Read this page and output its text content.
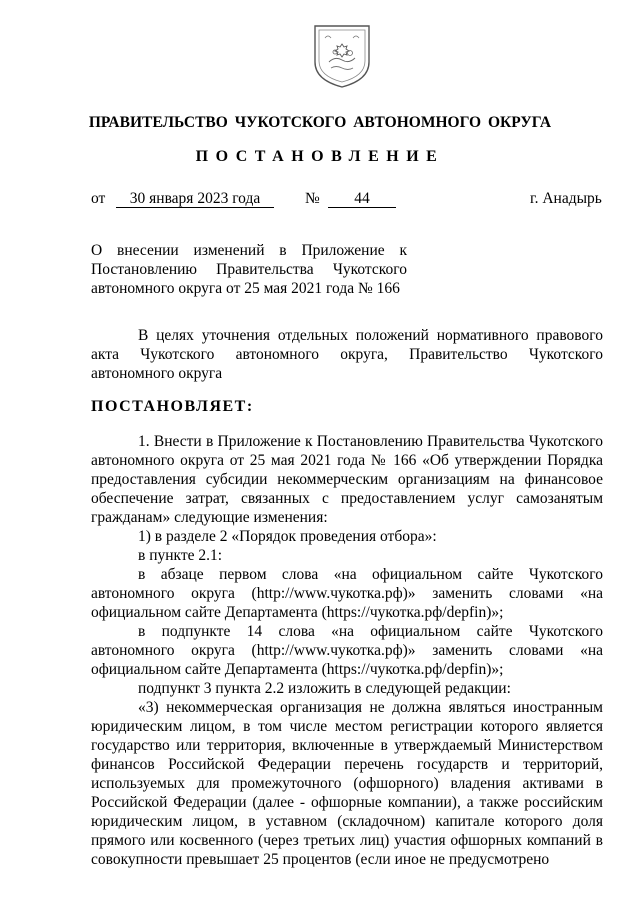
ПРАВИТЕЛЬСТВО ЧУКОТСКОГО АВТОНОМНОГО ОКРУГА
ПОСТАНОВЛЕНИЕ
от	30 января 2023 года	№	44	г. Анадырь
О внесении изменений в Приложение к
Постановлению Правительства Чукотского
автономного округа от 25 мая 2021 года № 166
В целях уточнения отдельных положений нормативного правового акта Чукотского автономного округа, Правительство Чукотского автономного округа
ПОСТАНОВЛЯЕТ:

1. Внести в Приложение к Постановлению Правительства Чукотского автономного округа от 25 мая 2021 года № 166 «Об утверждении Порядка предоставления субсидии некоммерческим организациям на финансовое обеспечение затрат, связанных с предоставлением услуг самозанятым гражданам» следующие изменения:

1) в разделе 2 «Порядок проведения отбора»:

в пункте 2.1:

в абзаце первом слова «на официальном сайте Чукотского автономного округа (http://www.чукотка.рф)» заменить словами «на официальном сайте Департамента (https://чукотка.рф/depfin)»;

в подпункте 14 слова «на официальном сайте Чукотского автономного округа (http://www.чукотка.рф)» заменить словами «на официальном сайте Департамента (https://чукотка.рф/depfin)»;

подпункт 3 пункта 2.2 изложить в следующей редакции:

«3) некоммерческая организация не должна являться иностранным юридическим лицом, в том числе местом регистрации которого является государство или территория, включенные в утверждаемый Министерством финансов Российской Федерации перечень государств и территорий, используемых для промежуточного (офшорного) владения активами в Российской Федерации (далее - офшорные компании), а также российским юридическим лицом, в уставном (складочном) капитале которого доля прямого или косвенного (через третьих лиц) участия офшорных компаний в совокупности превышает 25 процентов (если иное не предусмотрено
